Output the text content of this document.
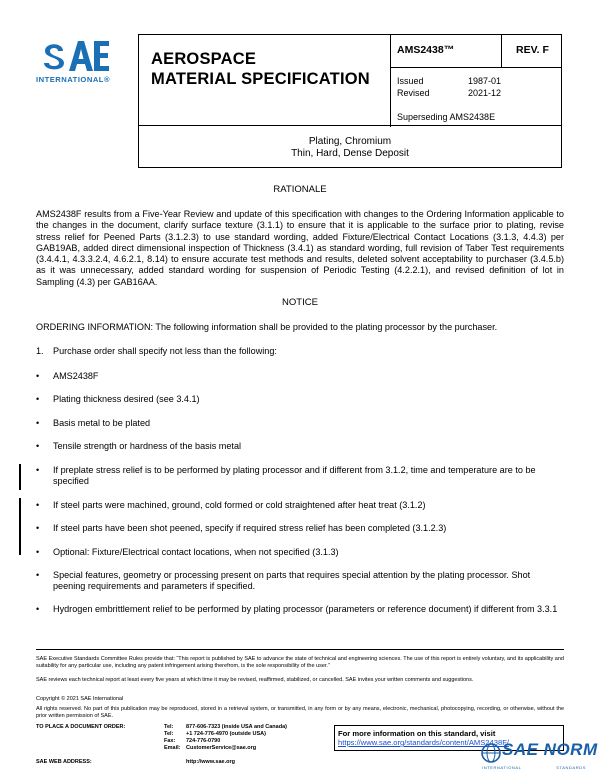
INTERNATIONAL®
AEROSPACE
MATERIAL SPECIFICATION
AMS2438™	REV. F
Issued	1987-01
Revised	2021-12
Superseding AMS2438E
Plating, Chromium
Thin, Hard, Dense Deposit
RATIONALE
AMS2438F results from a Five-Year Review and update of this specification with changes to the Ordering Information applicable to the changes in the document, clarify surface texture (3.1.1) to ensure that it is applicable to the surface prior to plating, revise stress relief for Peened Parts (3.1.2.3) to use standard wording, added Fixture/Electrical Contact Locations (3.1.3, 4.4.3) per GAB19AB, added direct dimensional inspection of Thickness (3.4.1) as standard wording, full revision of Taber Test requirements (3.4.4.1, 4.3.3.2.4, 4.6.2.1, 8.14) to ensure accurate test methods and results, deleted solvent acceptability to purchaser (3.4.5.b) as it was unnecessary, added standard wording for suspension of Periodic Testing (4.2.2.1), and revised definition of lot in Sampling (4.3) per GAB16AA.
NOTICE
ORDERING INFORMATION: The following information shall be provided to the plating processor by the purchaser.
1. Purchase order shall specify not less than the following:
• AMS2438F
• Plating thickness desired (see 3.4.1)
• Basis metal to be plated
• Tensile strength or hardness of the basis metal
• If preplate stress relief is to be performed by plating processor and if different from 3.1.2, time and temperature are to be specified
• If steel parts were machined, ground, cold formed or cold straightened after heat treat (3.1.2)
• If steel parts have been shot peened, specify if required stress relief has been completed (3.1.2.3)
• Optional: Fixture/Electrical contact locations, when not specified (3.1.3)
• Special features, geometry or processing present on parts that requires special attention by the plating processor. Shot peening requirements and parameters if specified.
• Hydrogen embrittlement relief to be performed by plating processor (parameters or reference document) if different from 3.3.1
SAE Executive Standards Committee Rules provide that: “This report is published by SAE to advance the state of technical and engineering sciences. The use of this report is entirely voluntary, and its applicability and suitability for any particular use, including any patent infringement arising therefrom, is the sole responsibility of the user.”
SAE reviews each technical report at least every five years at which time it may be revised, reaffirmed, stabilized, or cancelled. SAE invites your written comments and suggestions.
Copyright © 2021 SAE International
All rights reserved. No part of this publication may be reproduced, stored in a retrieval system, or transmitted, in any form or by any means, electronic, mechanical, photocopying, recording, or otherwise, without the prior written permission of SAE.
TO PLACE A DOCUMENT ORDER:	Tel:	877-606-7323 (inside USA and Canada)
Tel:	+1 724-776-4970 (outside USA)
Fax:	724-776-0790
Email: CustomerService@sae.org
SAE WEB ADDRESS:	http://www.sae.org
For more information on this standard, visit
https://www.sae.org/standards/content/AMS2438F/
SAE NORM
INTERNATIONAL	STANDARDS
